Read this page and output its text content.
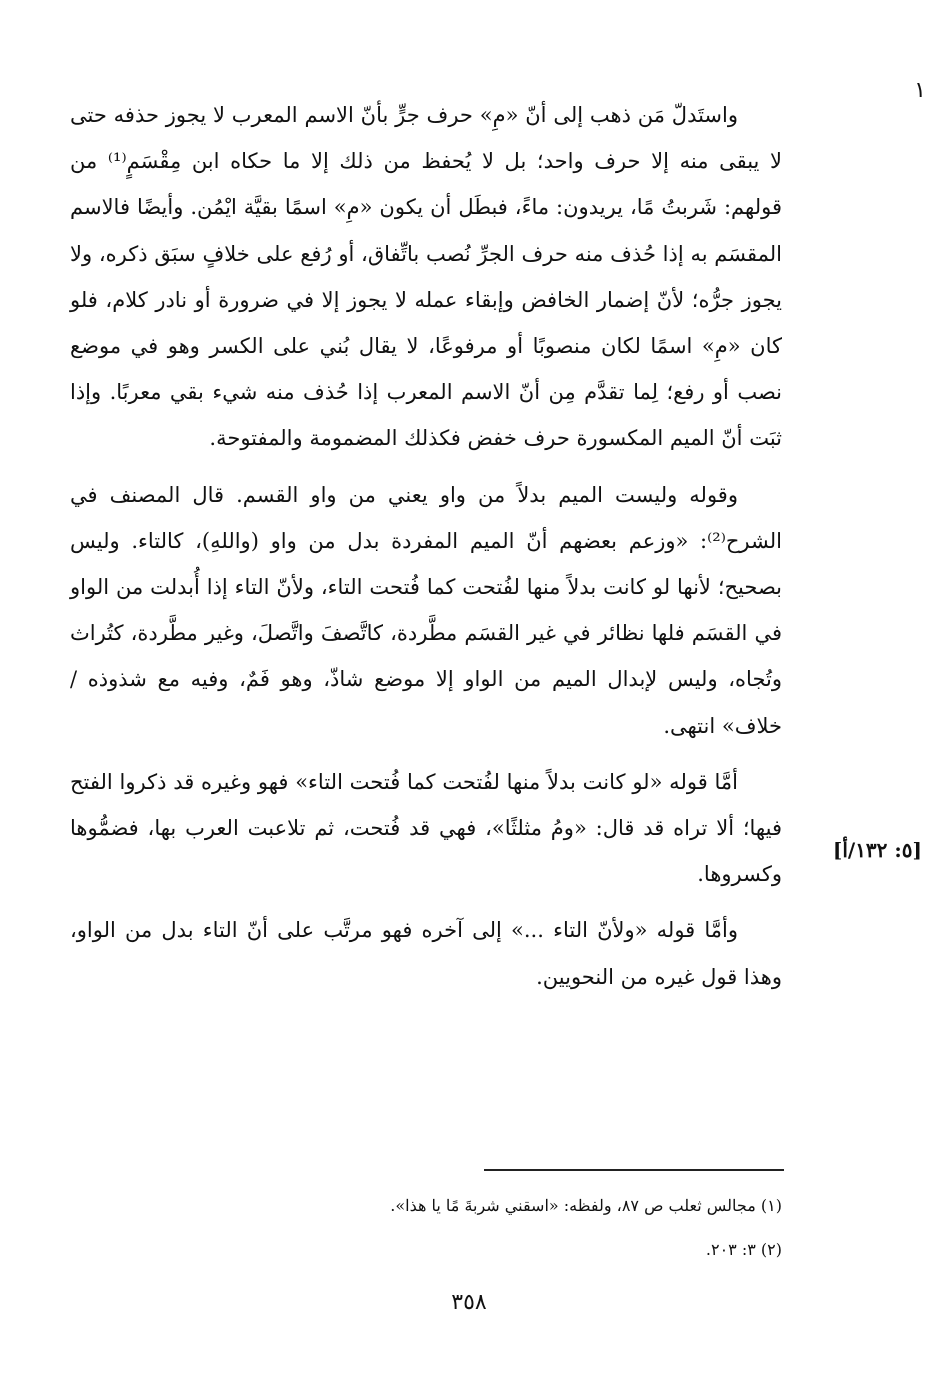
١

واستَدلّ مَن ذهب إلى أنّ «مِ» حرف جرٍّ بأنّ الاسم المعرب لا يجوز حذفه حتى لا يبقى منه إلا حرف واحد؛ بل لا يُحفظ من ذلك إلا ما حكاه ابن مِقْسَمٍ⁽¹⁾ من قولهم: شَربتُ مًا، يريدون: ماءً، فبطَل أن يكون «مِ» اسمًا بقيَّة ايْمُن. وأيضًا فالاسم المقسَم به إذا حُذف منه حرف الجرِّ نُصب باتِّفاق، أو رُفع على خلافٍ سبَق ذكره، ولا يجوز جرُّه؛ لأنّ إضمار الخافض وإبقاء عمله لا يجوز إلا في ضرورة أو نادر كلام، فلو كان «مِ» اسمًا لكان منصوبًا أو مرفوعًا، لا يقال بُني على الكسر وهو في موضع نصب أو رفع؛ لِما تقدَّم مِن أنّ الاسم المعرب إذا حُذف منه شيء بقي معربًا. وإذا ثبَت أنّ الميم المكسورة حرف خفض فكذلك المضمومة والمفتوحة.

وقوله وليست الميم بدلاً من واو يعني من واو القسم. قال المصنف في الشرح⁽²⁾: «وزعم بعضهم أنّ الميم المفردة بدل من واو (واللهِ)، كالتاء. وليس بصحيح؛ لأنها لو كانت بدلاً منها لفُتحت كما فُتحت التاء، ولأنّ التاء إذا أُبدلت من الواو في القسَم فلها نظائر في غير القسَم مطَّردة، كاتَّصفَ واتَّصلَ، وغير مطَّردة، كتُراث وتُجاه، وليس لإبدال الميم من الواو إلا موضع شاذّ، وهو فَمٌ، وفيه مع شذوذه /خلاف» انتهى.

أمَّا قوله «لو كانت بدلاً منها لفُتحت كما فُتحت التاء» فهو وغيره قد ذكروا الفتح فيها؛ ألا تراه قد قال: «ومُ مثلثًا»، فهي قد فُتحت، ثم تلاعبت العرب بها، فضمُّوها وكسروها.

وأمَّا قوله «ولأنّ التاء ...» إلى آخره فهو مرتَّب على أنّ التاء بدل من الواو، وهذا قول غيره من النحويين.

[٥: ١٣٢/أ]
(١) مجالس ثعلب ص ٨٧، ولفظه: «اسقني شربةَ مًا يا هذا».
(٢) ٣: ٢٠٣.
٣٥٨
